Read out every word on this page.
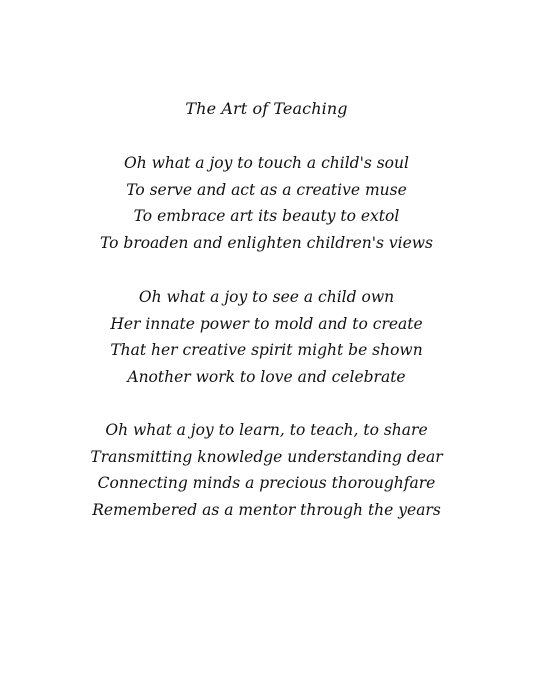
The Art of Teaching
Oh what a joy to touch a child's soul
To serve and act as a creative muse
To embrace art its beauty to extol
To broaden and enlighten children's views
Oh what a joy to see a child own
Her innate power to mold and to create
That her creative spirit might be shown
Another work to love and celebrate
Oh what a joy to learn, to teach, to share
Transmitting knowledge understanding dear
Connecting minds a precious thoroughfare
Remembered as a mentor through the years
